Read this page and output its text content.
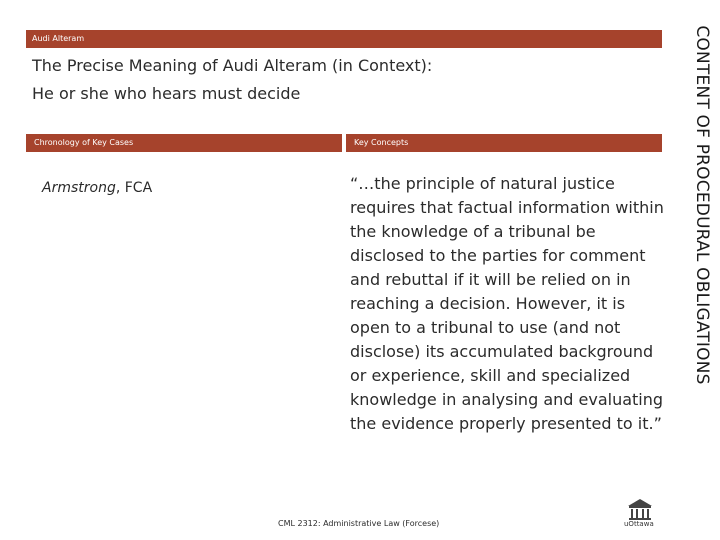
Audi Alteram
The Precise Meaning of Audi Alteram (in Context):
He or she who hears must decide
Chronology of Key Cases	Key Concepts
Armstrong, FCA	“…the principle of natural justice requires that factual information within the knowledge of a tribunal be disclosed to the parties for comment and rebuttal if it will be relied on in reaching a decision. However, it is open to a tribunal to use (and not disclose) its accumulated background or experience, skill and specialized knowledge in analysing and evaluating the evidence properly presented to it.”
CONTENT OF PROCEDURAL OBLIGATIONS
CML 2312: Administrative Law (Forcese)	uOttawa
